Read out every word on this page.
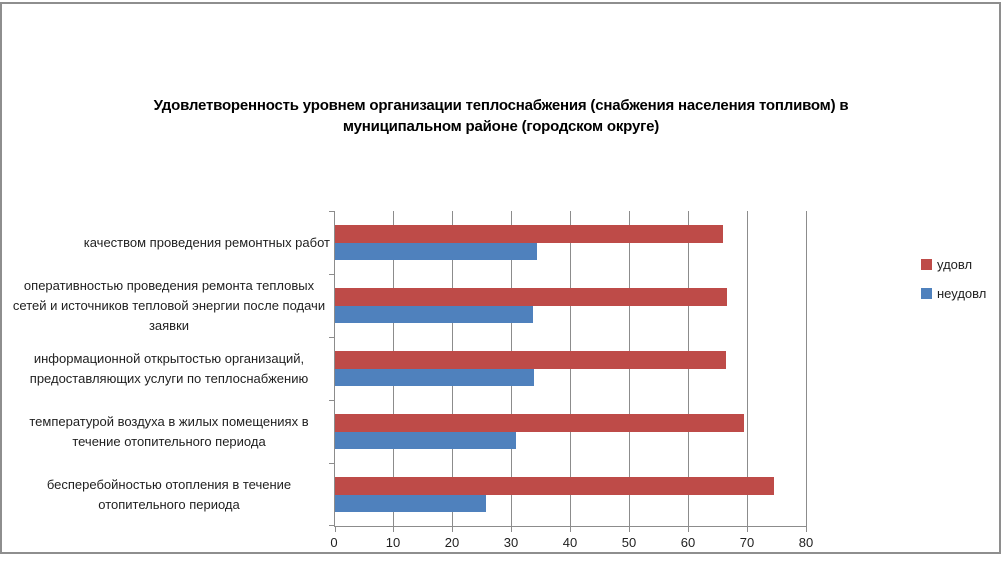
Удовлетворенность уровнем организации теплоснабжения (снабжения населения топливом) в муниципальном районе (городском округе)
качеством проведения ремонтных работ
оперативностью проведения ремонта тепловых сетей и источников тепловой энергии после подачи заявки
информационной открытостью организаций, предоставляющих услуги по теплоснабжению
температурой воздуха в жилых помещениях в течение отопительного периода
бесперебойностью отопления в течение отопительного периода
0	10	20	30	40	50	60	70	80
удовл
неудовл
